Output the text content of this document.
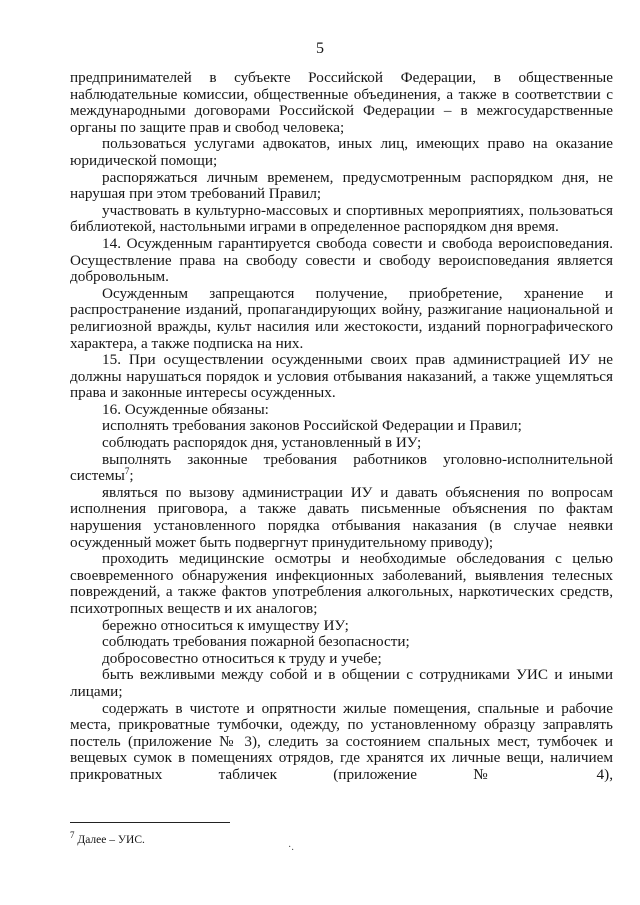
5

предпринимателей в субъекте Российской Федерации, в общественные наблюдательные комиссии, общественные объединения, а также в соответствии с международными договорами Российской Федерации – в межгосударственные органы по защите прав и свобод человека;

пользоваться услугами адвокатов, иных лиц, имеющих право на оказание юридической помощи;

распоряжаться личным временем, предусмотренным распорядком дня, не нарушая при этом требований Правил;

участвовать в культурно-массовых и спортивных мероприятиях, пользоваться библиотекой, настольными играми в определенное распорядком дня время.

14. Осужденным гарантируется свобода совести и свобода вероисповедания. Осуществление права на свободу совести и свободу вероисповедания является добровольным.

Осужденным запрещаются получение, приобретение, хранение и распространение изданий, пропагандирующих войну, разжигание национальной и религиозной вражды, культ насилия или жестокости, изданий порнографического характера, а также подписка на них.

15. При осуществлении осужденными своих прав администрацией ИУ не должны нарушаться порядок и условия отбывания наказаний, а также ущемляться права и законные интересы осужденных.

16. Осужденные обязаны:

исполнять требования законов Российской Федерации и Правил;

соблюдать распорядок дня, установленный в ИУ;

выполнять законные требования работников уголовно-исполнительной системы$^7$;

являться по вызову администрации ИУ и давать объяснения по вопросам исполнения приговора, а также давать письменные объяснения по фактам нарушения установленного порядка отбывания наказания (в случае неявки осужденный может быть подвергнут принудительному приводу);

проходить медицинские осмотры и необходимые обследования с целью своевременного обнаружения инфекционных заболеваний, выявления телесных повреждений, а также фактов употребления алкогольных, наркотических средств, психотропных веществ и их аналогов;

бережно относиться к имуществу ИУ;

соблюдать требования пожарной безопасности;

добросовестно относиться к труду и учебе;

быть вежливыми между собой и в общении с сотрудниками УИС и иными лицами;

содержать в чистоте и опрятности жилые помещения, спальные и рабочие места, прикроватные тумбочки, одежду, по установленному образцу заправлять постель (приложение № 3), следить за состоянием спальных мест, тумбочек и вещевых сумок в помещениях отрядов, где хранятся их личные вещи, наличием прикроватных табличек (приложение № 4),

$^7$ Далее – УИС.
·.
